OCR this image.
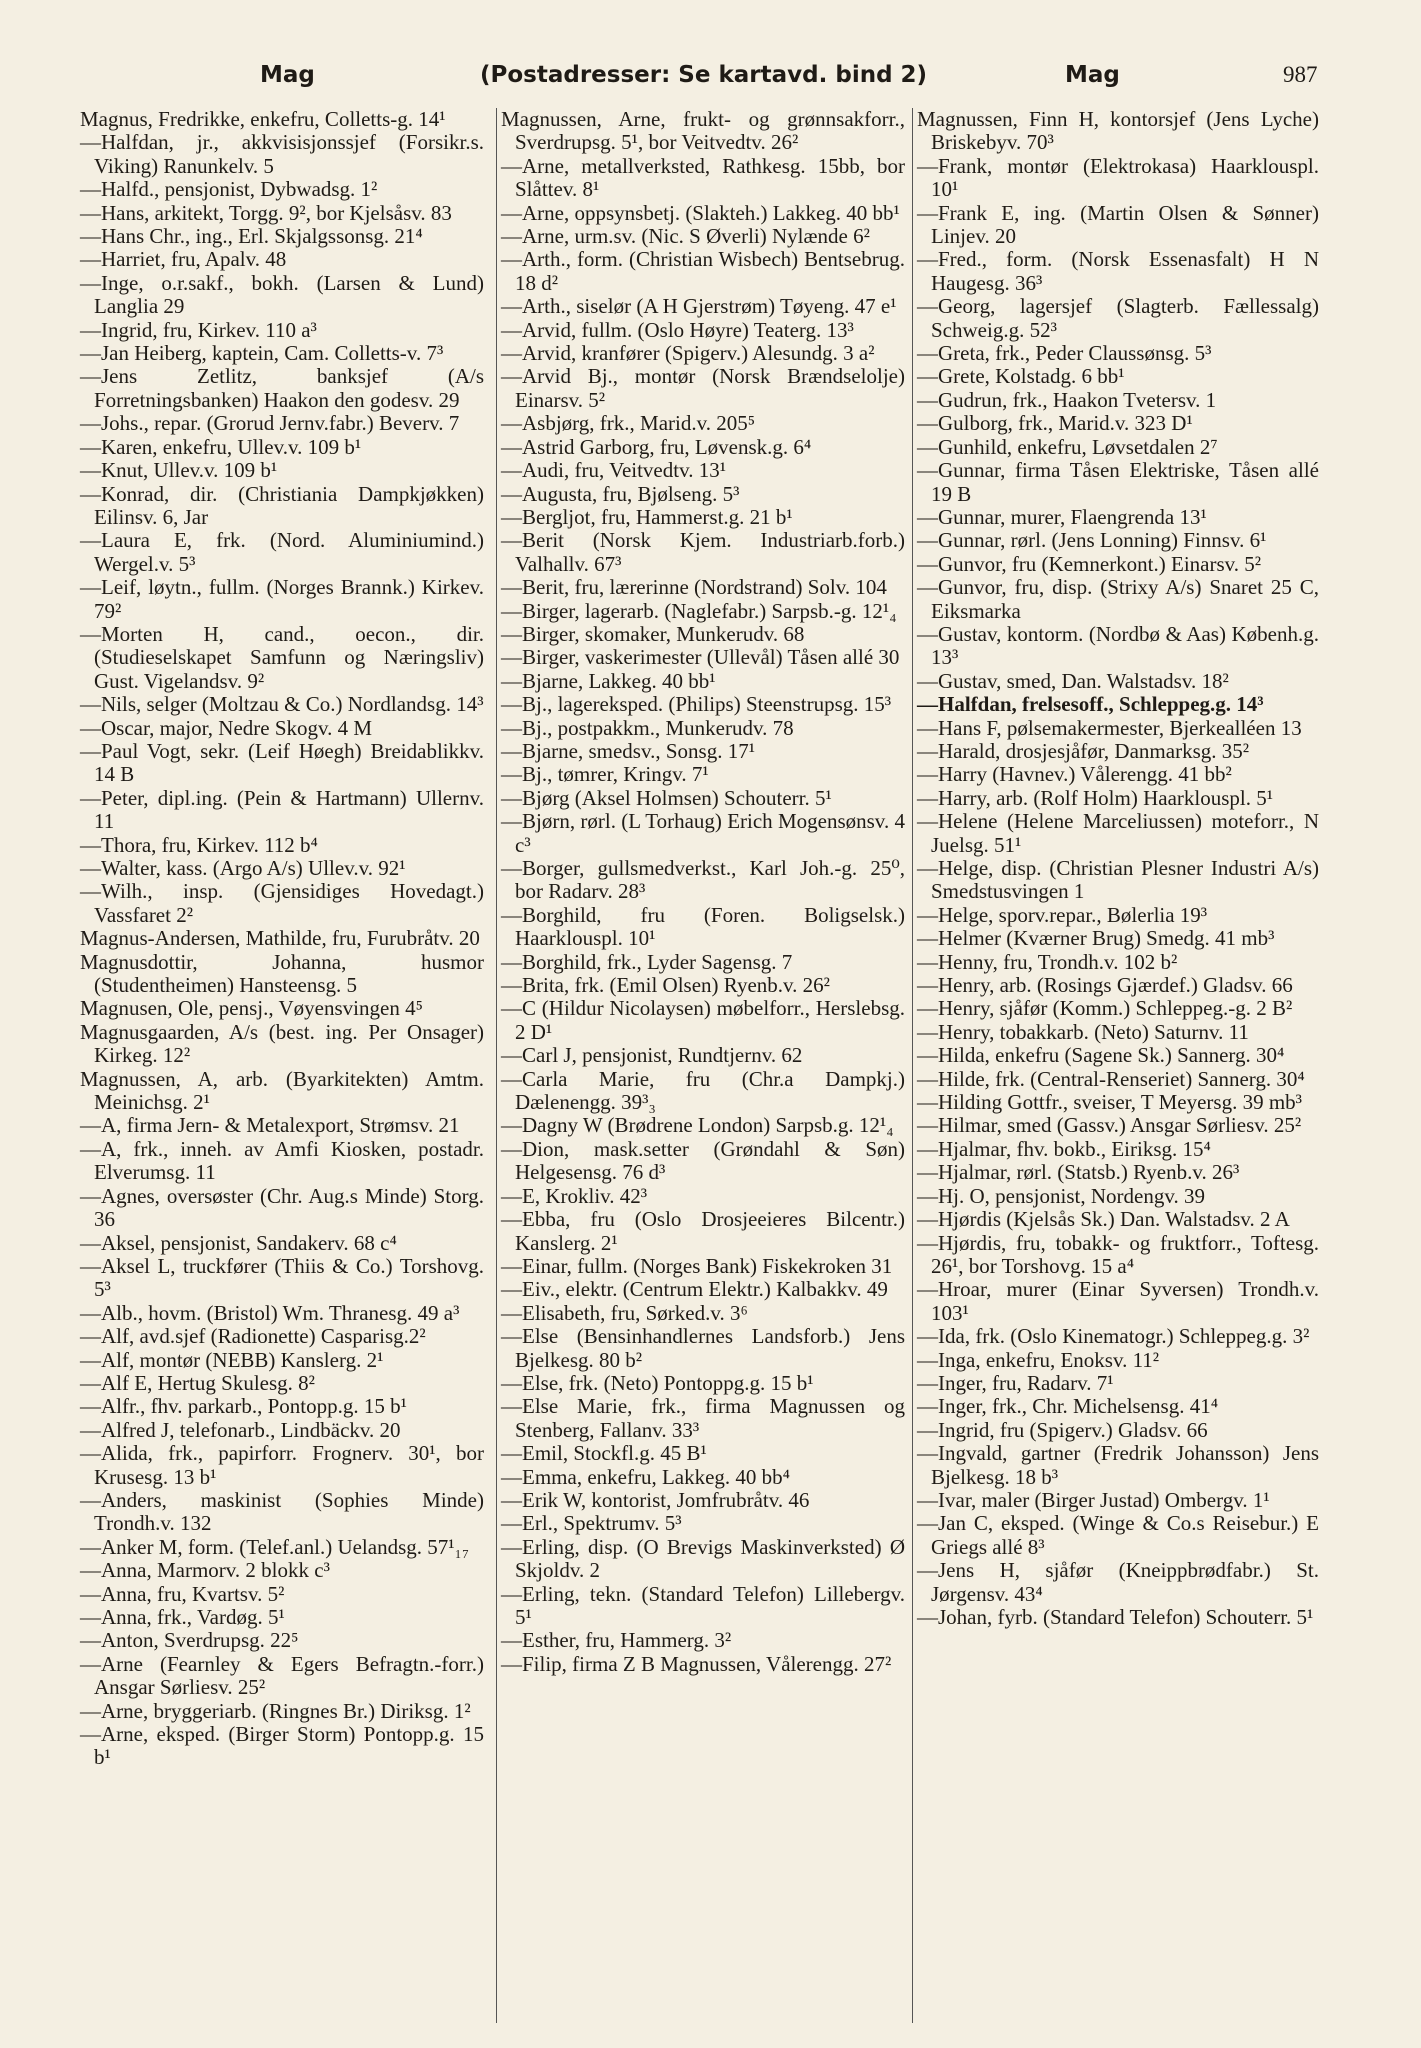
Mag	(Postadresser: Se kartavd. bind 2)	Mag	987

Magnus, Fredrikke, enkefru, Colletts-g. 14¹

—Halfdan, jr., akkvisisjonssjef (Forsikr.s. Viking) Ranunkelv. 5

—Halfd., pensjonist, Dybwadsg. 1²

—Hans, arkitekt, Torgg. 9², bor Kjelsåsv. 83

—Hans Chr., ing., Erl. Skjalgssonsg. 21⁴

—Harriet, fru, Apalv. 48

—Inge, o.r.sakf., bokh. (Larsen & Lund) Langlia 29

—Ingrid, fru, Kirkev. 110 a³

—Jan Heiberg, kaptein, Cam. Colletts-v. 7³

—Jens Zetlitz, banksjef (A/s Forretningsbanken) Haakon den godesv. 29

—Johs., repar. (Grorud Jernv.fabr.) Beverv. 7

—Karen, enkefru, Ullev.v. 109 b¹

—Knut, Ullev.v. 109 b¹

—Konrad, dir. (Christiania Dampkjøkken) Eilinsv. 6, Jar

—Laura E, frk. (Nord. Aluminiumind.) Wergel.v. 5³

—Leif, løytn., fullm. (Norges Brannk.) Kirkev. 79²

—Morten H, cand., oecon., dir. (Studieselskapet Samfunn og Næringsliv) Gust. Vigelandsv. 9²

—Nils, selger (Moltzau & Co.) Nordlandsg. 14³

—Oscar, major, Nedre Skogv. 4 M

—Paul Vogt, sekr. (Leif Høegh) Breidablikkv. 14 B

—Peter, dipl.ing. (Pein & Hartmann) Ullernv. 11

—Thora, fru, Kirkev. 112 b⁴

—Walter, kass. (Argo A/s) Ullev.v. 92¹

—Wilh., insp. (Gjensidiges Hovedagt.) Vassfaret 2²

Magnus-Andersen, Mathilde, fru, Furubråtv. 20

Magnusdottir, Johanna, husmor (Studentheimen) Hansteensg. 5

Magnusen, Ole, pensj., Vøyensvingen 4⁵

Magnusgaarden, A/s (best. ing. Per Onsager) Kirkeg. 12²

Magnussen, A, arb. (Byarkitekten) Amtm. Meinichsg. 2¹

—A, firma Jern- & Metalexport, Strømsv. 21

—A, frk., inneh. av Amfi Kiosken, postadr. Elverumsg. 11

—Agnes, oversøster (Chr. Aug.s Minde) Storg. 36

—Aksel, pensjonist, Sandakerv. 68 c⁴

—Aksel L, truckfører (Thiis & Co.) Torshovg. 5³

—Alb., hovm. (Bristol) Wm. Thranesg. 49 a³

—Alf, avd.sjef (Radionette) Casparisg.2²

—Alf, montør (NEBB) Kanslerg. 2¹

—Alf E, Hertug Skulesg. 8²

—Alfr., fhv. parkarb., Pontopp.g. 15 b¹

—Alfred J, telefonarb., Lindbäckv. 20

—Alida, frk., papirforr. Frognerv. 30¹, bor Krusesg. 13 b¹

—Anders, maskinist (Sophies Minde) Trondh.v. 132

—Anker M, form. (Telef.anl.) Uelandsg. 57¹₁₇

—Anna, Marmorv. 2 blokk c³

—Anna, fru, Kvartsv. 5²

—Anna, frk., Vardøg. 5¹

—Anton, Sverdrupsg. 22⁵

—Arne (Fearnley & Egers Befragtn.-forr.) Ansgar Sørliesv. 25²

—Arne, bryggeriarb. (Ringnes Br.) Diriksg. 1²

—Arne, eksped. (Birger Storm) Pontopp.g. 15 b¹

Magnussen, Arne, frukt- og grønnsakforr., Sverdrupsg. 5¹, bor Veitvedtv. 26²

—Arne, metallverksted, Rathkesg. 15bb, bor Slåttev. 8¹

—Arne, oppsynsbetj. (Slakteh.) Lakkeg. 40 bb¹

—Arne, urm.sv. (Nic. S Øverli) Nylænde 6²

—Arth., form. (Christian Wisbech) Bentsebrug. 18 d²

—Arth., siselør (A H Gjerstrøm) Tøyeng. 47 e¹

—Arvid, fullm. (Oslo Høyre) Teaterg. 13³

—Arvid, kranfører (Spigerv.) Alesundg. 3 a²

—Arvid Bj., montør (Norsk Brændselolje) Einarsv. 5²

—Asbjørg, frk., Marid.v. 205⁵

—Astrid Garborg, fru, Løvensk.g. 6⁴

—Audi, fru, Veitvedtv. 13¹

—Augusta, fru, Bjølseng. 5³

—Bergljot, fru, Hammerst.g. 21 b¹

—Berit (Norsk Kjem. Industriarb.forb.) Valhallv. 67³

—Berit, fru, lærerinne (Nordstrand) Solv. 104

—Birger, lagerarb. (Naglefabr.) Sarpsb.-g. 12¹₄

—Birger, skomaker, Munkerudv. 68

—Birger, vaskerimester (Ullevål) Tåsen allé 30

—Bjarne, Lakkeg. 40 bb¹

—Bj., lagereksped. (Philips) Steenstrupsg. 15³

—Bj., postpakkm., Munkerudv. 78

—Bjarne, smedsv., Sonsg. 17¹

—Bj., tømrer, Kringv. 7¹

—Bjørg (Aksel Holmsen) Schouterr. 5¹

—Bjørn, rørl. (L Torhaug) Erich Mogensønsv. 4 c³

—Borger, gullsmedverkst., Karl Joh.-g. 25⁰, bor Radarv. 28³

—Borghild, fru (Foren. Boligselsk.) Haarklouspl. 10¹

—Borghild, frk., Lyder Sagensg. 7

—Brita, frk. (Emil Olsen) Ryenb.v. 26²

—C (Hildur Nicolaysen) møbelforr., Herslebsg. 2 D¹

—Carl J, pensjonist, Rundtjernv. 62

—Carla Marie, fru (Chr.a Dampkj.) Dælenengg. 39³₃

—Dagny W (Brødrene London) Sarpsb.g. 12¹₄

—Dion, mask.setter (Grøndahl & Søn) Helgesensg. 76 d³

—E, Krokliv. 42³

—Ebba, fru (Oslo Drosjeeieres Bilcentr.) Kanslerg. 2¹

—Einar, fullm. (Norges Bank) Fiskekroken 31

—Eiv., elektr. (Centrum Elektr.) Kalbakkv. 49

—Elisabeth, fru, Sørked.v. 3⁶

—Else (Bensinhandlernes Landsforb.) Jens Bjelkesg. 80 b²

—Else, frk. (Neto) Pontoppg.g. 15 b¹

—Else Marie, frk., firma Magnussen og Stenberg, Fallanv. 33³

—Emil, Stockfl.g. 45 B¹

—Emma, enkefru, Lakkeg. 40 bb⁴

—Erik W, kontorist, Jomfrubråtv. 46

—Erl., Spektrumv. 5³

—Erling, disp. (O Brevigs Maskinverksted) Ø Skjoldv. 2

—Erling, tekn. (Standard Telefon) Lillebergv. 5¹

—Esther, fru, Hammerg. 3²

—Filip, firma Z B Magnussen, Vålerengg. 27²

Magnussen, Finn H, kontorsjef (Jens Lyche) Briskebyv. 70³

—Frank, montør (Elektrokasa) Haarklouspl. 10¹

—Frank E, ing. (Martin Olsen & Sønner) Linjev. 20

—Fred., form. (Norsk Essenasfalt) H N Haugesg. 36³

—Georg, lagersjef (Slagterb. Fællessalg) Schweig.g. 52³

—Greta, frk., Peder Claussønsg. 5³

—Grete, Kolstadg. 6 bb¹

—Gudrun, frk., Haakon Tvetersv. 1

—Gulborg, frk., Marid.v. 323 D¹

—Gunhild, enkefru, Løvsetdalen 2⁷

—Gunnar, firma Tåsen Elektriske, Tåsen allé 19 B

—Gunnar, murer, Flaengrenda 13¹

—Gunnar, rørl. (Jens Lonning) Finnsv. 6¹

—Gunvor, fru (Kemnerkont.) Einarsv. 5²

—Gunvor, fru, disp. (Strixy A/s) Snaret 25 C, Eiksmarka

—Gustav, kontorm. (Nordbø & Aas) Københ.g. 13³

—Gustav, smed, Dan. Walstadsv. 18²

—Halfdan, frelsesoff., Schleppeg.g. 14³

—Hans F, pølsemakermester, Bjerkealléen 13

—Harald, drosjesjåfør, Danmarksg. 35²

—Harry (Havnev.) Vålerengg. 41 bb²

—Harry, arb. (Rolf Holm) Haarklouspl. 5¹

—Helene (Helene Marceliussen) moteforr., N Juelsg. 51¹

—Helge, disp. (Christian Plesner Industri A/s) Smedstusvingen 1

—Helge, sporv.repar., Bølerlia 19³

—Helmer (Kværner Brug) Smedg. 41 mb³

—Henny, fru, Trondh.v. 102 b²

—Henry, arb. (Rosings Gjærdef.) Gladsv. 66

—Henry, sjåfør (Komm.) Schleppeg.-g. 2 B²

—Henry, tobakkarb. (Neto) Saturnv. 11

—Hilda, enkefru (Sagene Sk.) Sannerg. 30⁴

—Hilde, frk. (Central-Renseriet) Sannerg. 30⁴

—Hilding Gottfr., sveiser, T Meyersg. 39 mb³

—Hilmar, smed (Gassv.) Ansgar Sørliesv. 25²

—Hjalmar, fhv. bokb., Eiriksg. 15⁴

—Hjalmar, rørl. (Statsb.) Ryenb.v. 26³

—Hj. O, pensjonist, Nordengv. 39

—Hjørdis (Kjelsås Sk.) Dan. Walstadsv. 2 A

—Hjørdis, fru, tobakk- og fruktforr., Toftesg. 26¹, bor Torshovg. 15 a⁴

—Hroar, murer (Einar Syversen) Trondh.v. 103¹

—Ida, frk. (Oslo Kinematogr.) Schleppeg.g. 3²

—Inga, enkefru, Enoksv. 11²

—Inger, fru, Radarv. 7¹

—Inger, frk., Chr. Michelsensg. 41⁴

—Ingrid, fru (Spigerv.) Gladsv. 66

—Ingvald, gartner (Fredrik Johansson) Jens Bjelkesg. 18 b³

—Ivar, maler (Birger Justad) Ombergv. 1¹

—Jan C, eksped. (Winge & Co.s Reisebur.) E Griegs allé 8³

—Jens H, sjåfør (Kneippbrødfabr.) St. Jørgensv. 43⁴

—Johan, fyrb. (Standard Telefon) Schouterr. 5¹
